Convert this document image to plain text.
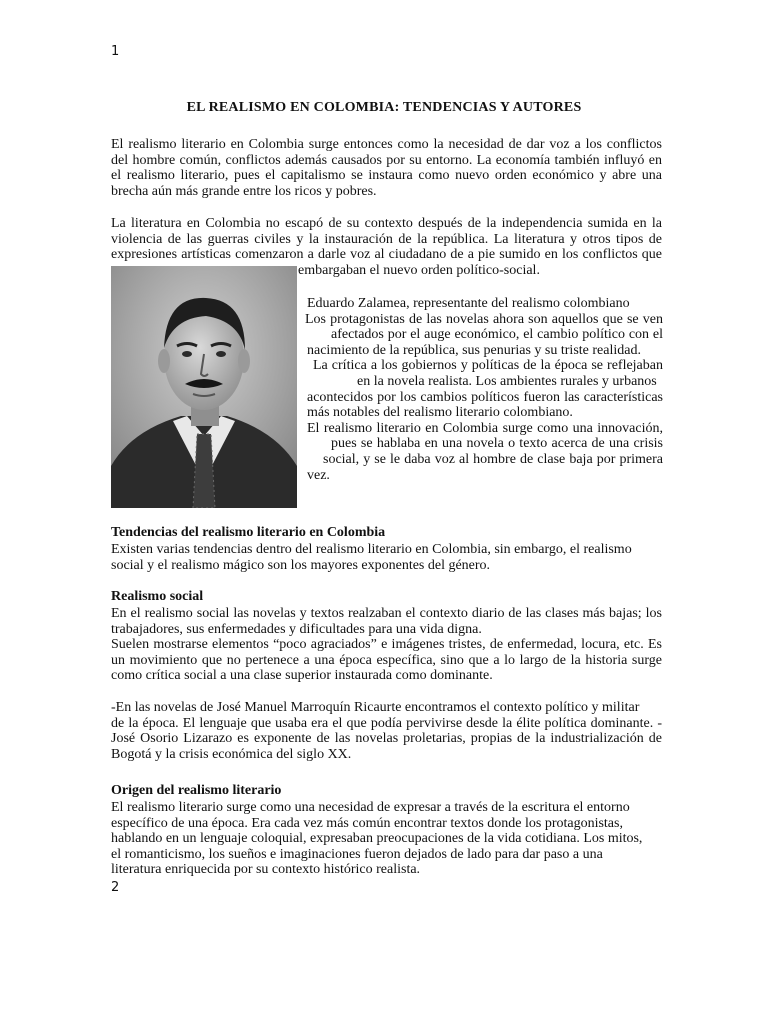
1
EL REALISMO EN COLOMBIA: TENDENCIAS Y AUTORES
El realismo literario en Colombia surge entonces como la necesidad de dar voz a los conflictos
del hombre común, conflictos además causados por su entorno. La economía también influyó en
el realismo literario, pues el capitalismo se instaura como nuevo orden económico y abre una
brecha aún más grande entre los ricos y pobres.
La literatura en Colombia no escapó de su contexto después de la independencia sumida en la
violencia de las guerras civiles y la instauración de la república. La literatura y otros tipos de
expresiones artísticas comenzaron a darle voz al ciudadano de a pie sumido en los conflictos que
embargaban el nuevo orden político-social.
Eduardo Zalamea, representante del realismo colombiano
Los protagonistas de las novelas ahora son aquellos que se ven
afectados por el auge económico, el cambio político con el
nacimiento de la república, sus penurias y su triste realidad.
La crítica a los gobiernos y políticas de la época se reflejaban
en la novela realista. Los ambientes rurales y urbanos
acontecidos por los cambios políticos fueron las características
más notables del realismo literario colombiano.
El realismo literario en Colombia surge como una innovación,
pues se hablaba en una novela o texto acerca de una crisis
social, y se le daba voz al hombre de clase baja por primera
vez.
Tendencias del realismo literario en Colombia
Existen varias tendencias dentro del realismo literario en Colombia, sin embargo, el realismo
social y el realismo mágico son los mayores exponentes del género.
Realismo social
En el realismo social las novelas y textos realzaban el contexto diario de las clases más bajas; los
trabajadores, sus enfermedades y dificultades para una vida digna.
Suelen mostrarse elementos “poco agraciados” e imágenes tristes, de enfermedad, locura, etc. Es
un movimiento que no pertenece a una época específica, sino que a lo largo de la historia surge
como crítica social a una clase superior instaurada como dominante.
-En las novelas de José Manuel Marroquín Ricaurte encontramos el contexto político y militar
de la época. El lenguaje que usaba era el que podía pervivirse desde la élite política dominante. -
José Osorio Lizarazo es exponente de las novelas proletarias, propias de la industrialización de
Bogotá y la crisis económica del siglo XX.
Origen del realismo literario
El realismo literario surge como una necesidad de expresar a través de la escritura el entorno
específico de una época. Era cada vez más común encontrar textos donde los protagonistas,
hablando en un lenguaje coloquial, expresaban preocupaciones de la vida cotidiana. Los mitos,
el romanticismo, los sueños e imaginaciones fueron dejados de lado para dar paso a una
literatura enriquecida por su contexto histórico realista.
2
